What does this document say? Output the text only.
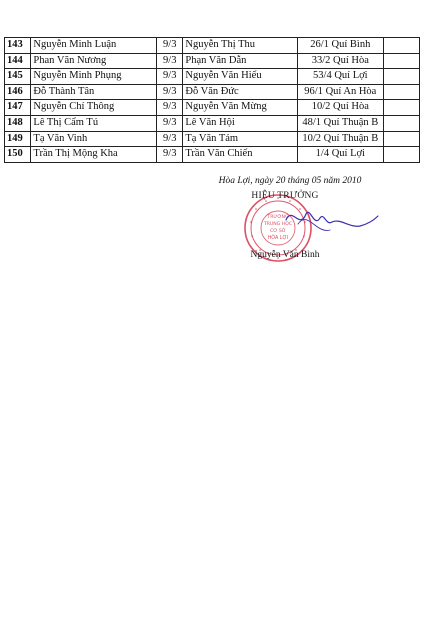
143	Nguyễn Minh Luận	9/3	Nguyễn Thị Thu	26/1 Quí Bình	
144	Phan Văn Nương	9/3	Phạn Văn Dẫn	33/2 Quí Hòa	
145	Nguyễn Minh Phụng	9/3	Nguyễn Văn Hiếu	53/4 Quí Lợi	
146	Đỗ Thành Tân	9/3	Đỗ Văn Đức	96/1 Quí An Hòa	
147	Nguyễn Chí Thông	9/3	Nguyễn Văn Mừng	10/2 Quí Hòa	
148	Lê Thị Cẩm Tú	9/3	Lê Văn Hội	48/1 Quí Thuận B	
149	Tạ Văn Vinh	9/3	Tạ Văn Tám	10/2 Quí Thuận B	
150	Trần Thị Mộng Kha	9/3	Trần Văn Chiến	1/4 Quí Lợi	
Hòa Lợi, ngày 20 tháng 05 năm 2010
TRƯỜNG
TRUNG HỌC
CƠ SỞ
HÒA LỢI
HIỆU TRƯỞNG
Nguyễn Văn Bình
